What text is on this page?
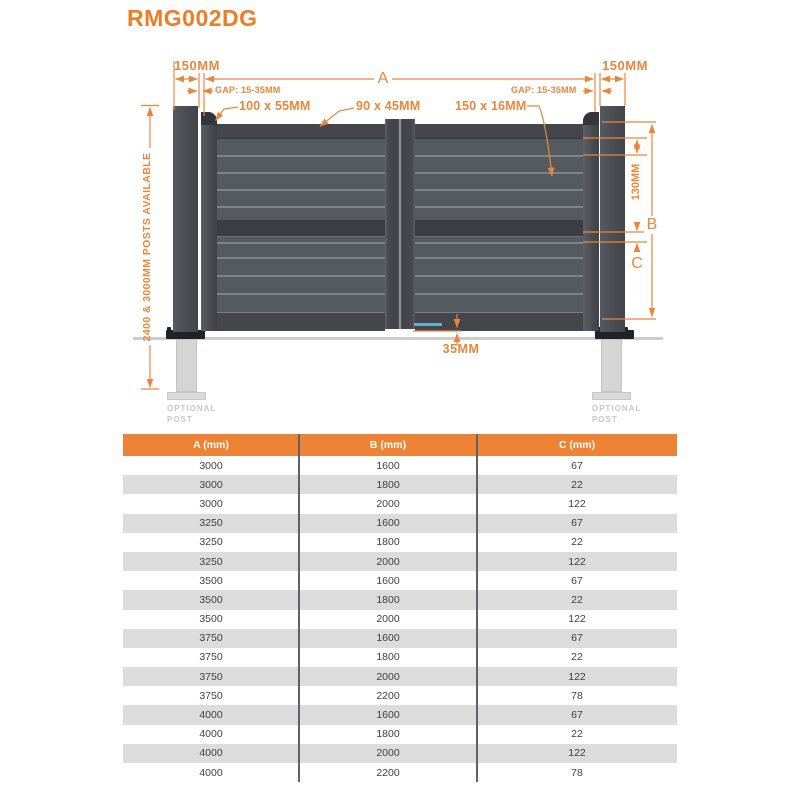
RMG002DG
OPTIONAL
POST
OPTIONAL
POST
150MM	150MM
A
GAP: 15-35MM	GAP: 15-35MM
100 x 55MM	90 x 45MM	150 x 16MM
130MM
B
C
35MM
2400 & 3000MM POSTS AVAILABLE
A (mm)	B (mm)	C (mm)
3000	1600	67
3000	1800	22
3000	2000	122
3250	1600	67
3250	1800	22
3250	2000	122
3500	1600	67
3500	1800	22
3500	2000	122
3750	1600	67
3750	1800	22
3750	2000	122
3750	2200	78
4000	1600	67
4000	1800	22
4000	2000	122
4000	2200	78
